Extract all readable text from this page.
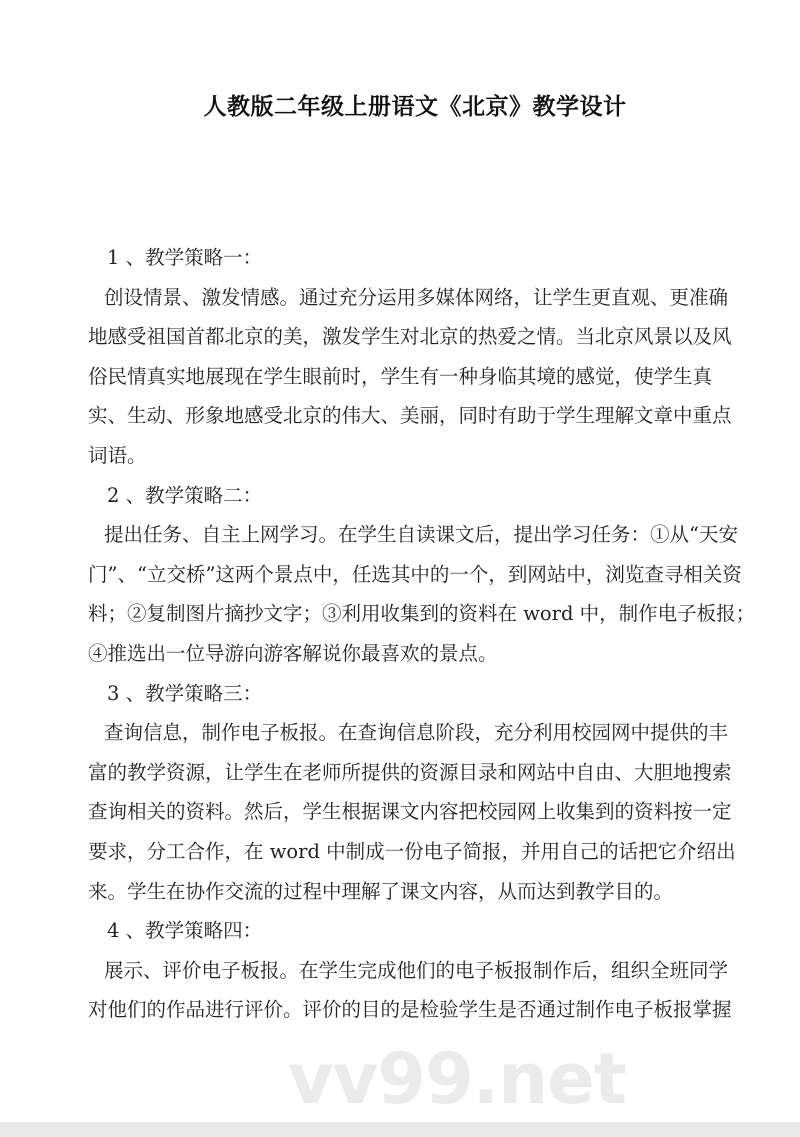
人教版二年级上册语文《北京》教学设计
1 、教学策略一：
创设情景、激发情感。通过充分运用多媒体网络，让学生更直观、更准确
地感受祖国首都北京的美，激发学生对北京的热爱之情。当北京风景以及风
俗民情真实地展现在学生眼前时，学生有一种身临其境的感觉，使学生真
实、生动、形象地感受北京的伟大、美丽，同时有助于学生理解文章中重点
词语。
2 、教学策略二：
提出任务、自主上网学习。在学生自读课文后，提出学习任务：①从“天安
门”、“立交桥”这两个景点中，任选其中的一个，到网站中，浏览查寻相关资
料；②复制图片摘抄文字；③利用收集到的资料在 word 中，制作电子板报；
④推选出一位导游向游客解说你最喜欢的景点。
3 、教学策略三：
查询信息，制作电子板报。在查询信息阶段，充分利用校园网中提供的丰
富的教学资源，让学生在老师所提供的资源目录和网站中自由、大胆地搜索
查询相关的资料。然后，学生根据课文内容把校园网上收集到的资料按一定
要求，分工合作，在 word 中制成一份电子简报，并用自己的话把它介绍出
来。学生在协作交流的过程中理解了课文内容，从而达到教学目的。
4 、教学策略四：
展示、评价电子板报。在学生完成他们的电子板报制作后，组织全班同学
对他们的作品进行评价。评价的目的是检验学生是否通过制作电子板报掌握
vv99.net
